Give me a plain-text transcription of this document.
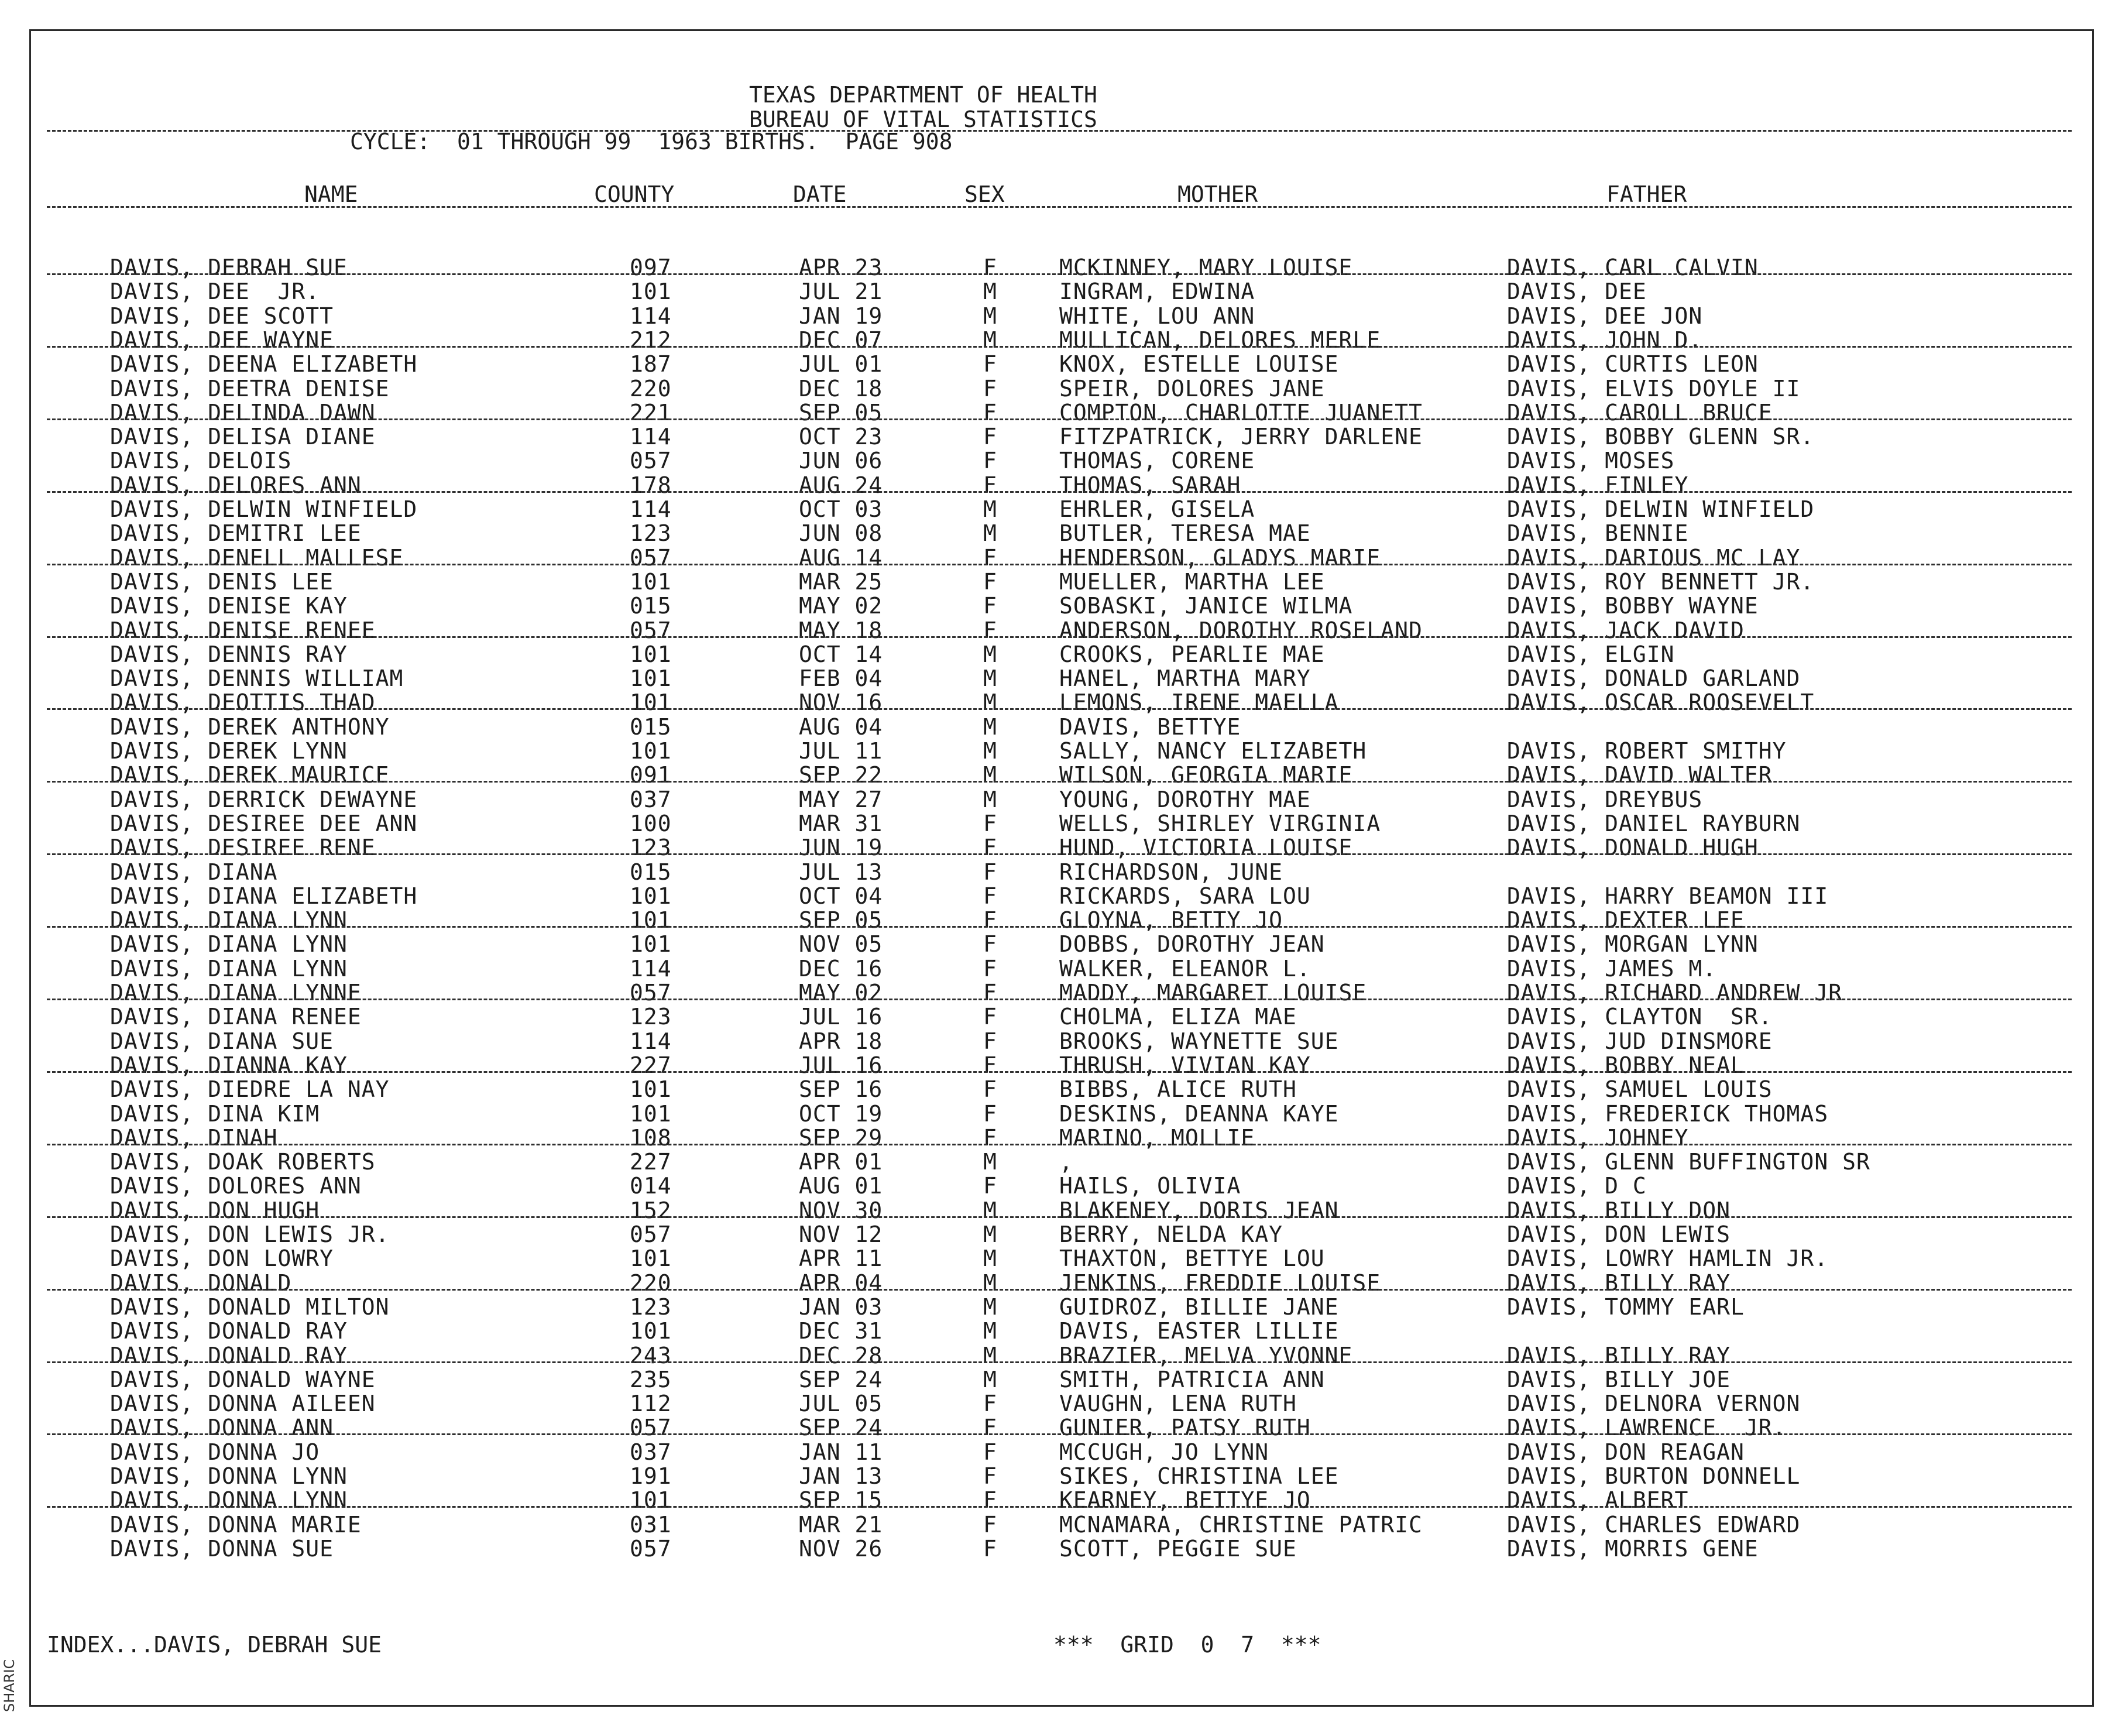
TEXAS DEPARTMENT OF HEALTH
BUREAU OF VITAL STATISTICS
CYCLE:  01 THROUGH 99  1963 BIRTHS.  PAGE 908
NAME	COUNTY	DATE	SEX	MOTHER	FATHER
DAVIS, DEBRAH SUE	097	APR 23	F	MCKINNEY, MARY LOUISE	DAVIS, CARL CALVIN
DAVIS, DEE  JR.	101	JUL 21	M	INGRAM, EDWINA	DAVIS, DEE
DAVIS, DEE SCOTT	114	JAN 19	M	WHITE, LOU ANN	DAVIS, DEE JON
DAVIS, DEE WAYNE	212	DEC 07	M	MULLICAN, DELORES MERLE	DAVIS, JOHN D.
DAVIS, DEENA ELIZABETH	187	JUL 01	F	KNOX, ESTELLE LOUISE	DAVIS, CURTIS LEON
DAVIS, DEETRA DENISE	220	DEC 18	F	SPEIR, DOLORES JANE	DAVIS, ELVIS DOYLE II
DAVIS, DELINDA DAWN	221	SEP 05	F	COMPTON, CHARLOTTE JUANETT	DAVIS, CAROLL BRUCE
DAVIS, DELISA DIANE	114	OCT 23	F	FITZPATRICK, JERRY DARLENE	DAVIS, BOBBY GLENN SR.
DAVIS, DELOIS	057	JUN 06	F	THOMAS, CORENE	DAVIS, MOSES
DAVIS, DELORES ANN	178	AUG 24	F	THOMAS, SARAH	DAVIS, FINLEY
DAVIS, DELWIN WINFIELD	114	OCT 03	M	EHRLER, GISELA	DAVIS, DELWIN WINFIELD
DAVIS, DEMITRI LEE	123	JUN 08	M	BUTLER, TERESA MAE	DAVIS, BENNIE
DAVIS, DENELL MALLESE	057	AUG 14	F	HENDERSON, GLADYS MARIE	DAVIS, DARIOUS MC LAY
DAVIS, DENIS LEE	101	MAR 25	F	MUELLER, MARTHA LEE	DAVIS, ROY BENNETT JR.
DAVIS, DENISE KAY	015	MAY 02	F	SOBASKI, JANICE WILMA	DAVIS, BOBBY WAYNE
DAVIS, DENISE RENEE	057	MAY 18	F	ANDERSON, DOROTHY ROSELAND	DAVIS, JACK DAVID
DAVIS, DENNIS RAY	101	OCT 14	M	CROOKS, PEARLIE MAE	DAVIS, ELGIN
DAVIS, DENNIS WILLIAM	101	FEB 04	M	HANEL, MARTHA MARY	DAVIS, DONALD GARLAND
DAVIS, DEOTTIS THAD	101	NOV 16	M	LEMONS, IRENE MAELLA	DAVIS, OSCAR ROOSEVELT
DAVIS, DEREK ANTHONY	015	AUG 04	M	DAVIS, BETTYE
DAVIS, DEREK LYNN	101	JUL 11	M	SALLY, NANCY ELIZABETH	DAVIS, ROBERT SMITHY
DAVIS, DEREK MAURICE	091	SEP 22	M	WILSON, GEORGIA MARIE	DAVIS, DAVID WALTER
DAVIS, DERRICK DEWAYNE	037	MAY 27	M	YOUNG, DOROTHY MAE	DAVIS, DREYBUS
DAVIS, DESIREE DEE ANN	100	MAR 31	F	WELLS, SHIRLEY VIRGINIA	DAVIS, DANIEL RAYBURN
DAVIS, DESIREE RENE	123	JUN 19	F	HUND, VICTORIA LOUISE	DAVIS, DONALD HUGH
DAVIS, DIANA	015	JUL 13	F	RICHARDSON, JUNE
DAVIS, DIANA ELIZABETH	101	OCT 04	F	RICKARDS, SARA LOU	DAVIS, HARRY BEAMON III
DAVIS, DIANA LYNN	101	SEP 05	F	GLOYNA, BETTY JO	DAVIS, DEXTER LEE
DAVIS, DIANA LYNN	101	NOV 05	F	DOBBS, DOROTHY JEAN	DAVIS, MORGAN LYNN
DAVIS, DIANA LYNN	114	DEC 16	F	WALKER, ELEANOR L.	DAVIS, JAMES M.
DAVIS, DIANA LYNNE	057	MAY 02	F	MADDY, MARGARET LOUISE	DAVIS, RICHARD ANDREW JR
DAVIS, DIANA RENEE	123	JUL 16	F	CHOLMA, ELIZA MAE	DAVIS, CLAYTON  SR.
DAVIS, DIANA SUE	114	APR 18	F	BROOKS, WAYNETTE SUE	DAVIS, JUD DINSMORE
DAVIS, DIANNA KAY	227	JUL 16	F	THRUSH, VIVIAN KAY	DAVIS, BOBBY NEAL
DAVIS, DIEDRE LA NAY	101	SEP 16	F	BIBBS, ALICE RUTH	DAVIS, SAMUEL LOUIS
DAVIS, DINA KIM	101	OCT 19	F	DESKINS, DEANNA KAYE	DAVIS, FREDERICK THOMAS
DAVIS, DINAH	108	SEP 29	F	MARINO, MOLLIE	DAVIS, JOHNEY
DAVIS, DOAK ROBERTS	227	APR 01	M	,	DAVIS, GLENN BUFFINGTON SR
DAVIS, DOLORES ANN	014	AUG 01	F	HAILS, OLIVIA	DAVIS, D C
DAVIS, DON HUGH	152	NOV 30	M	BLAKENEY, DORIS JEAN	DAVIS, BILLY DON
DAVIS, DON LEWIS JR.	057	NOV 12	M	BERRY, NELDA KAY	DAVIS, DON LEWIS
DAVIS, DON LOWRY	101	APR 11	M	THAXTON, BETTYE LOU	DAVIS, LOWRY HAMLIN JR.
DAVIS, DONALD	220	APR 04	M	JENKINS, FREDDIE LOUISE	DAVIS, BILLY RAY
DAVIS, DONALD MILTON	123	JAN 03	M	GUIDROZ, BILLIE JANE	DAVIS, TOMMY EARL
DAVIS, DONALD RAY	101	DEC 31	M	DAVIS, EASTER LILLIE
DAVIS, DONALD RAY	243	DEC 28	M	BRAZIER, MELVA YVONNE	DAVIS, BILLY RAY
DAVIS, DONALD WAYNE	235	SEP 24	M	SMITH, PATRICIA ANN	DAVIS, BILLY JOE
DAVIS, DONNA AILEEN	112	JUL 05	F	VAUGHN, LENA RUTH	DAVIS, DELNORA VERNON
DAVIS, DONNA ANN	057	SEP 24	F	GUNIER, PATSY RUTH	DAVIS, LAWRENCE  JR.
DAVIS, DONNA JO	037	JAN 11	F	MCCUGH, JO LYNN	DAVIS, DON REAGAN
DAVIS, DONNA LYNN	191	JAN 13	F	SIKES, CHRISTINA LEE	DAVIS, BURTON DONNELL
DAVIS, DONNA LYNN	101	SEP 15	F	KEARNEY, BETTYE JO	DAVIS, ALBERT
DAVIS, DONNA MARIE	031	MAR 21	F	MCNAMARA, CHRISTINE PATRIC	DAVIS, CHARLES EDWARD
DAVIS, DONNA SUE	057	NOV 26	F	SCOTT, PEGGIE SUE	DAVIS, MORRIS GENE
INDEX...DAVIS, DEBRAH SUE	***  GRID  0  7  ***
SHARIC
